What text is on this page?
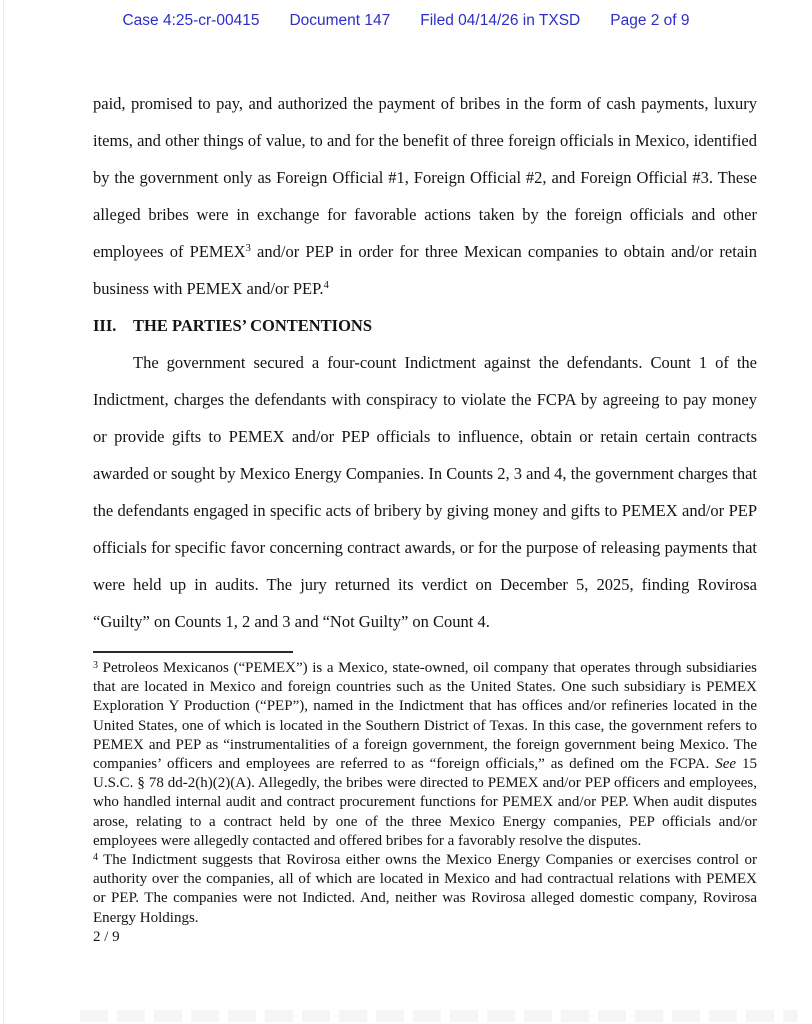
Case 4:25-cr-00415 Document 147 Filed 04/14/26 in TXSD Page 2 of 9

paid, promised to pay, and authorized the payment of bribes in the form of cash payments, luxury items, and other things of value, to and for the benefit of three foreign officials in Mexico, identified by the government only as Foreign Official #1, Foreign Official #2, and Foreign Official #3. These alleged bribes were in exchange for favorable actions taken by the foreign officials and other employees of PEMEX$^3$ and/or PEP in order for three Mexican companies to obtain and/or retain business with PEMEX and/or PEP.$^4$

III.	THE PARTIES’ CONTENTIONS

The government secured a four-count Indictment against the defendants. Count 1 of the Indictment, charges the defendants with conspiracy to violate the FCPA by agreeing to pay money or provide gifts to PEMEX and/or PEP officials to influence, obtain or retain certain contracts awarded or sought by Mexico Energy Companies. In Counts 2, 3 and 4, the government charges that the defendants engaged in specific acts of bribery by giving money and gifts to PEMEX and/or PEP officials for specific favor concerning contract awards, or for the purpose of releasing payments that were held up in audits. The jury returned its verdict on December 5, 2025, finding Rovirosa “Guilty” on Counts 1, 2 and 3 and “Not Guilty” on Count 4.

$^3$ Petroleos Mexicanos (“PEMEX”) is a Mexico, state-owned, oil company that operates through subsidiaries that are located in Mexico and foreign countries such as the United States. One such subsidiary is PEMEX Exploration Y Production (“PEP”), named in the Indictment that has offices and/or refineries located in the United States, one of which is located in the Southern District of Texas. In this case, the government refers to PEMEX and PEP as “instrumentalities of a foreign government, the foreign government being Mexico. The companies’ officers and employees are referred to as “foreign officials,” as defined om the FCPA. See 15 U.S.C. § 78 dd-2(h)(2)(A). Allegedly, the bribes were directed to PEMEX and/or PEP officers and employees, who handled internal audit and contract procurement functions for PEMEX and/or PEP. When audit disputes arose, relating to a contract held by one of the three Mexico Energy companies, PEP officials and/or employees were allegedly contacted and offered bribes for a favorably resolve the disputes.

$^4$ The Indictment suggests that Rovirosa either owns the Mexico Energy Companies or exercises control or authority over the companies, all of which are located in Mexico and had contractual relations with PEMEX or PEP. The companies were not Indicted. And, neither was Rovirosa alleged domestic company, Rovirosa Energy Holdings.

2 / 9
